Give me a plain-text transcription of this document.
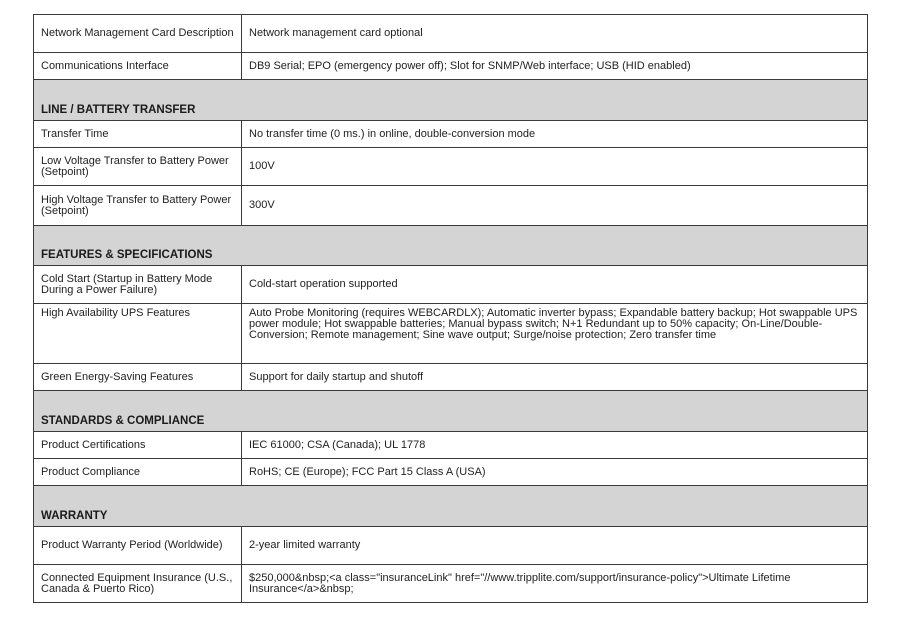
Network Management Card Description	Network management card optional
Communications Interface	DB9 Serial; EPO (emergency power off); Slot for SNMP/Web interface; USB (HID enabled)
LINE / BATTERY TRANSFER	
Transfer Time	No transfer time (0 ms.) in online, double-conversion mode
Low Voltage Transfer to Battery Power (Setpoint)	100V
High Voltage Transfer to Battery Power (Setpoint)	300V
FEATURES & SPECIFICATIONS	
Cold Start (Startup in Battery Mode During a Power Failure)	Cold-start operation supported
High Availability UPS Features	Auto Probe Monitoring (requires WEBCARDLX); Automatic inverter bypass; Expandable battery backup; Hot swappable UPS power module; Hot swappable batteries; Manual bypass switch; N+1 Redundant up to 50% capacity; On-Line/Double-Conversion; Remote management; Sine wave output; Surge/noise protection; Zero transfer time
Green Energy-Saving Features	Support for daily startup and shutoff
STANDARDS & COMPLIANCE	
Product Certifications	IEC 61000; CSA (Canada); UL 1778
Product Compliance	RoHS; CE (Europe); FCC Part 15 Class A (USA)
WARRANTY	
Product Warranty Period (Worldwide)	2-year limited warranty
Connected Equipment Insurance (U.S., Canada & Puerto Rico)	$250,000&nbsp;<a class="insuranceLink" href="//www.tripplite.com/support/insurance-policy">Ultimate Lifetime Insurance</a>&nbsp;
